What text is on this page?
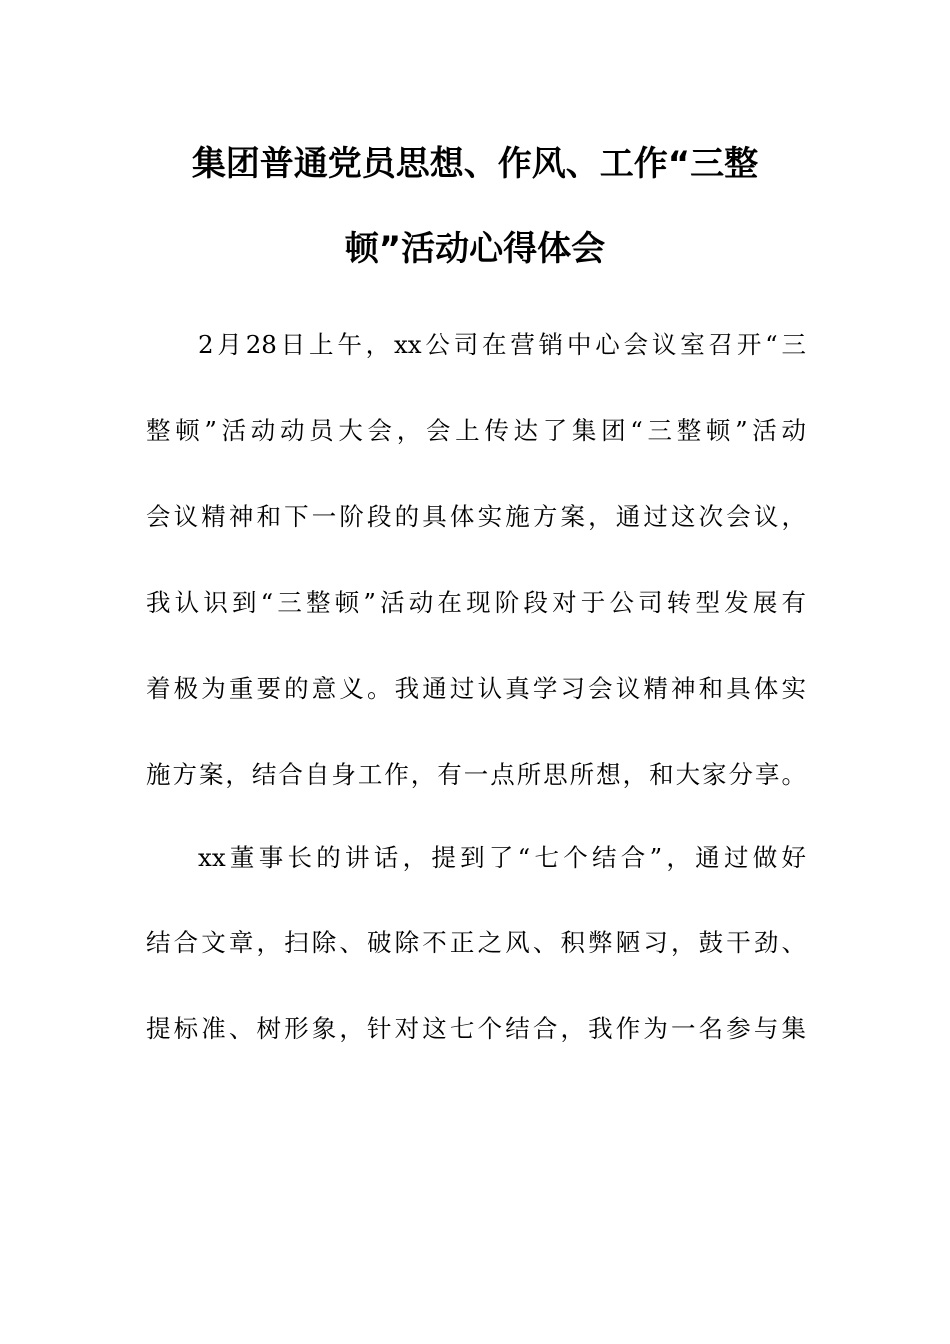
集团普通党员思想、作风、工作“三整
顿”活动心得体会
2月28日上午，xx公司在营销中心会议室召开“三
整顿”活动动员大会，会上传达了集团“三整顿”活动
会议精神和下一阶段的具体实施方案，通过这次会议，
我认识到“三整顿”活动在现阶段对于公司转型发展有
着极为重要的意义。我通过认真学习会议精神和具体实
施方案，结合自身工作，有一点所思所想，和大家分享。
xx董事长的讲话，提到了“七个结合”，通过做好
结合文章，扫除、破除不正之风、积弊陋习，鼓干劲、
提标准、树形象，针对这七个结合，我作为一名参与集
